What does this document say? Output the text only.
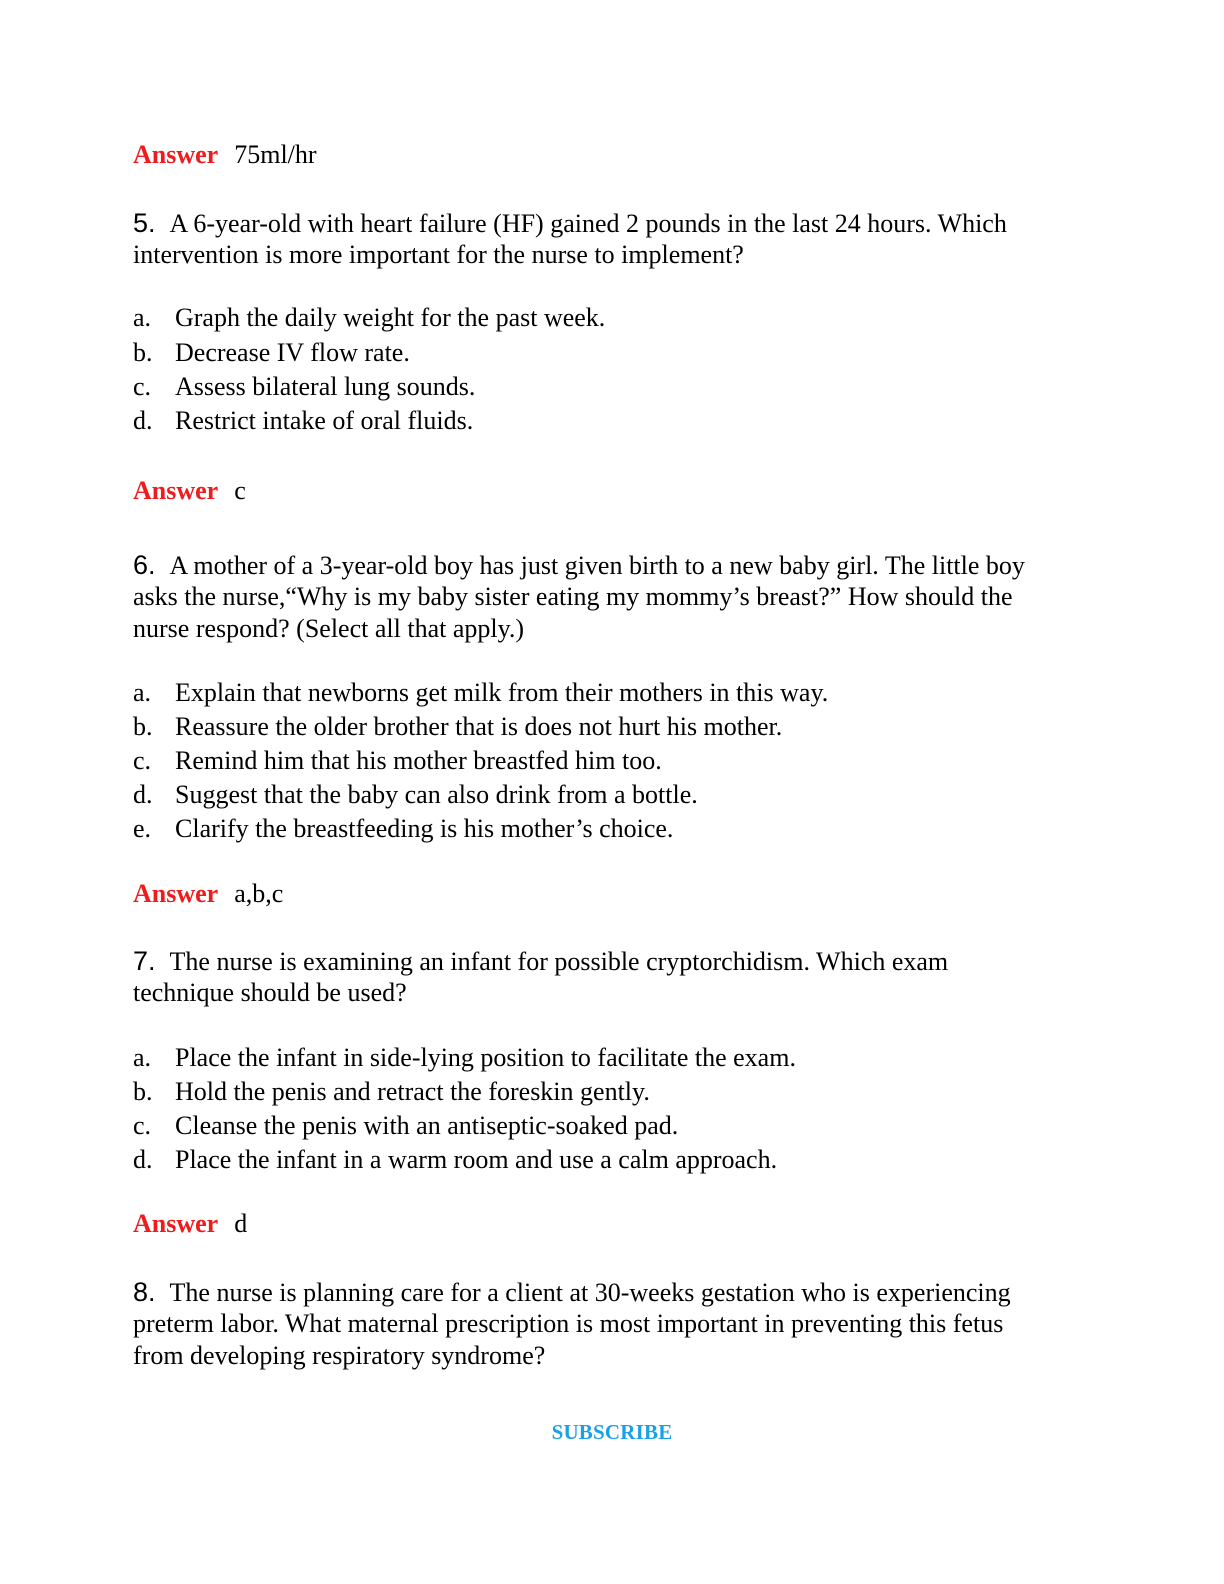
Answer 75ml/hr
5. A 6-year-old with heart failure (HF) gained 2 pounds in the last 24 hours. Which
intervention is more important for the nurse to implement?
a. Graph the daily weight for the past week.
b. Decrease IV flow rate.
c. Assess bilateral lung sounds.
d. Restrict intake of oral fluids.
Answer c
6. A mother of a 3-year-old boy has just given birth to a new baby girl. The little boy
asks the nurse,“Why is my baby sister eating my mommy’s breast?” How should the
nurse respond? (Select all that apply.)
a. Explain that newborns get milk from their mothers in this way.
b. Reassure the older brother that is does not hurt his mother.
c. Remind him that his mother breastfed him too.
d. Suggest that the baby can also drink from a bottle.
e. Clarify the breastfeeding is his mother’s choice.
Answer a,b,c
7. The nurse is examining an infant for possible cryptorchidism. Which exam
technique should be used?
a. Place the infant in side-lying position to facilitate the exam.
b. Hold the penis and retract the foreskin gently.
c. Cleanse the penis with an antiseptic-soaked pad.
d. Place the infant in a warm room and use a calm approach.
Answer d
8. The nurse is planning care for a client at 30-weeks gestation who is experiencing
preterm labor. What maternal prescription is most important in preventing this fetus
from developing respiratory syndrome?
SUBSCRIBE
